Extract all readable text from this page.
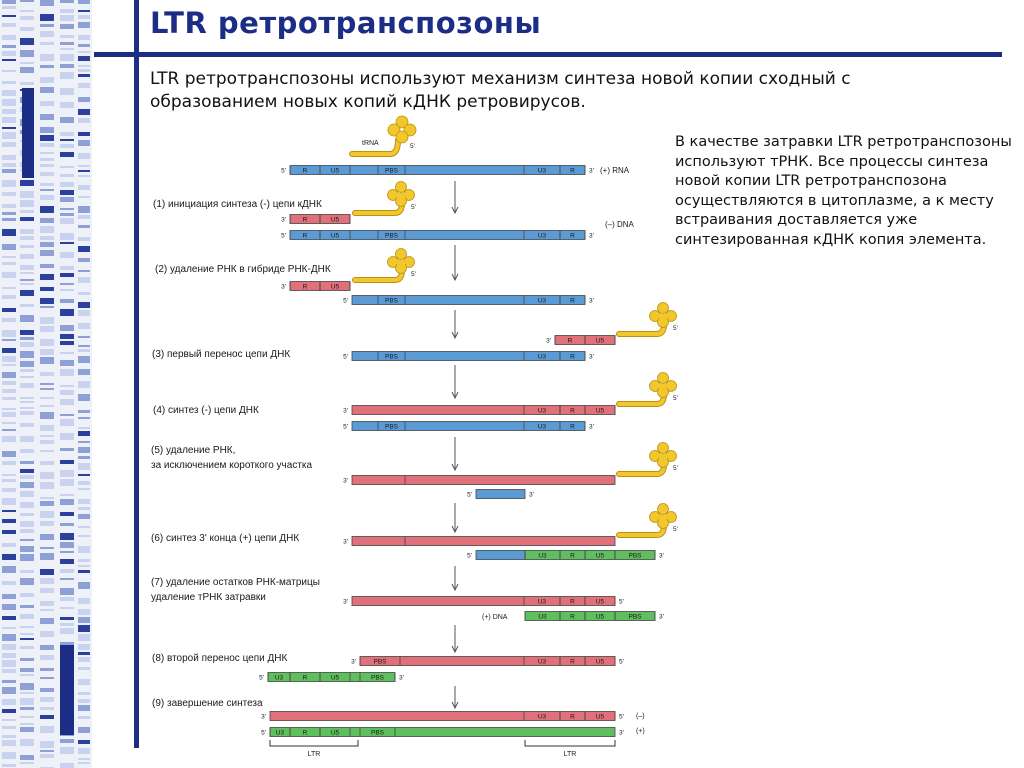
LTR ретротранспозоны
LTR ретротранспозоны используют механизм синтеза новой копии сходный с образованием новых копий кДНК ретровирусов.
В качестве затравки LTR ретротранспозоны используют тРНК. Все процессы синтеза новой копии LTR ретротранспозона осуществляются в цитоплазме, а к месту встраивания доставляется уже синтезированная кДНК копия элемента.
tRNA	5'
R	U5	PBS	U3	R
5'	3' (+) RNA
(1) инициация синтеза (-) цепи кДНК
R	U5
3'
5'
R	U5	PBS	U3	R
5'	3'
(–) DNA
(2) удаление РНК в гибриде РНК-ДНК
R	U5
3'
5'
PBS	U3	R
5'	3'
(3) первый перенос цепи ДНК
R	U5
3'
5'
PBS	U3	R
5'	3'
(4) синтез (-) цепи ДНК	U3	R	U5
3'
5'
PBS	U3	R
5'	3'
(5) удаление РНК,
за исключением короткого участка
3'
5'
5'	3'
(6) синтез 3' конца (+) цепи ДНК	3'
5'
5'	U3	R	U5	PBS	3'
(7) удаление остатков РНК-матрицы
удаление тРНК затравки	U3	R	U5
3'	5'
(+) DNA	U3	R	U5	PBS	3'
(8) второй перенос цепи ДНК	PBS	U3	R	U5
3'	5'
U3	R	U5	PBS
5'	3'
(9) завершение синтеза
U3	R	U5
3'	5' (–)
U3	R	U5	PBS
5'	3' (+)
LTR	LTR
